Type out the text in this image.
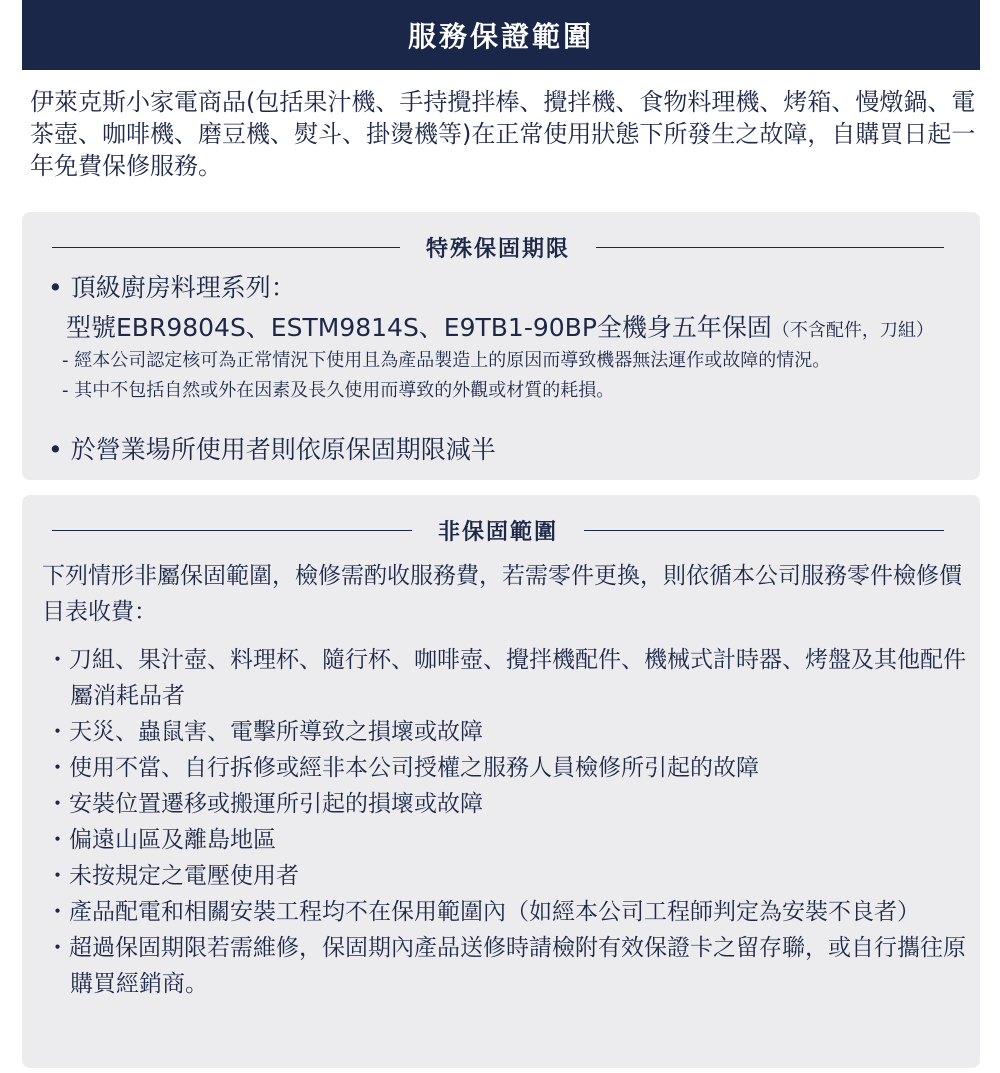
服務保證範圍
伊萊克斯小家電商品(包括果汁機、手持攪拌棒、攪拌機、食物料理機、烤箱、慢燉鍋、電茶壺、咖啡機、磨豆機、熨斗、掛燙機等)在正常使用狀態下所發生之故障，自購買日起一年免費保修服務。
特殊保固期限
• 頂級廚房料理系列：
型號EBR9804S、ESTM9814S、E9TB1-90BP全機身五年保固（不含配件，刀組）
- 經本公司認定核可為正常情況下使用且為產品製造上的原因而導致機器無法運作或故障的情況。
- 其中不包括自然或外在因素及長久使用而導致的外觀或材質的耗損。
• 於營業場所使用者則依原保固期限減半
非保固範圍
下列情形非屬保固範圍，檢修需酌收服務費，若需零件更換，則依循本公司服務零件檢修價目表收費：
・刀組、果汁壺、料理杯、隨行杯、咖啡壺、攪拌機配件、機械式計時器、烤盤及其他配件屬消耗品者
・天災、蟲鼠害、電擊所導致之損壞或故障
・使用不當、自行拆修或經非本公司授權之服務人員檢修所引起的故障
・安裝位置遷移或搬運所引起的損壞或故障
・偏遠山區及離島地區
・未按規定之電壓使用者
・產品配電和相關安裝工程均不在保用範圍內（如經本公司工程師判定為安裝不良者）
・超過保固期限若需維修，保固期內產品送修時請檢附有效保證卡之留存聯，或自行攜往原購買經銷商。
